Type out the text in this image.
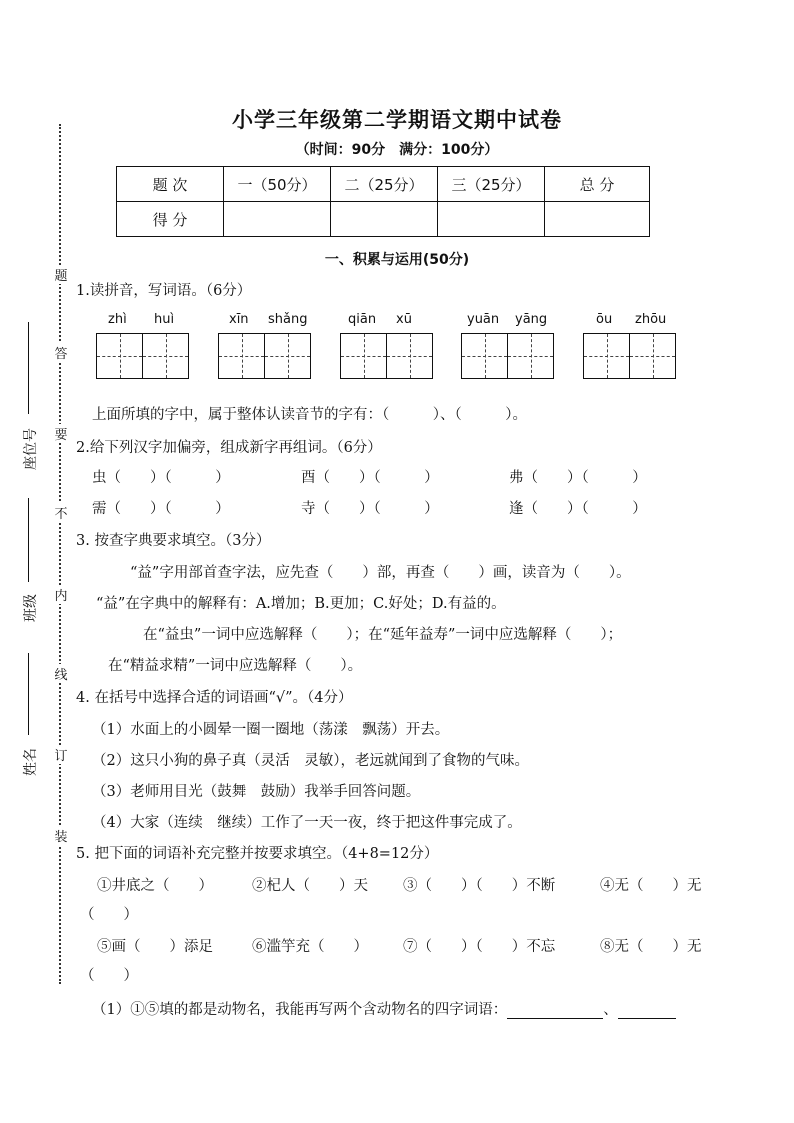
题
答
要
不
内
线
订
装
座位号
班级
姓名
小学三年级第二学期语文期中试卷
（时间：90分　满分：100分）
题 次	一（50分）	二（25分）	三（25分）	总 分
得 分				
一、积累与运用(50分)
1.读拼音，写词语。（6分）
zhì huì	xīn shǎng	qiān xū	yuān yāng	ōu zhōu
上面所填的字中，属于整体认读音节的字有：（　　　）、（　　　）。
2.给下列汉字加偏旁，组成新字再组词。（6分）
虫（　　）（　　　）	酉（　　）（　　　）	弗（　　）（　　　）
需（　　）（　　　）	寺（　　）（　　　）	逢（　　）（　　　）
3. 按查字典要求填空。（3分）
“益”字用部首查字法，应先查（　　）部，再查（　　）画，读音为（　　）。
“益”在字典中的解释有：A.增加；B.更加；C.好处；D.有益的。
在“益虫”一词中应选解释（　　）；在“延年益寿”一词中应选解释（　　）；
在“精益求精”一词中应选解释（　　）。
4. 在括号中选择合适的词语画“√”。（4分）
（1）水面上的小圆晕一圈一圈地（荡漾　飘荡）开去。
（2）这只小狗的鼻子真（灵活　灵敏），老远就闻到了食物的气味。
（3）老师用目光（鼓舞　鼓励）我举手回答问题。
（4）大家（连续　继续）工作了一天一夜，终于把这件事完成了。
5. 把下面的词语补充完整并按要求填空。（4+8=12分）
①井底之（　　）	②杞人（　　）天 ③（　　）（　　）不断	④无（　　）无
（　　）
⑤画（　　）添足	⑥滥竽充（　　） ⑦（　　）（　　）不忘	⑧无（　　）无
（　　）
（1）①⑤填的都是动物名，我能再写两个含动物名的四字词语：	、
